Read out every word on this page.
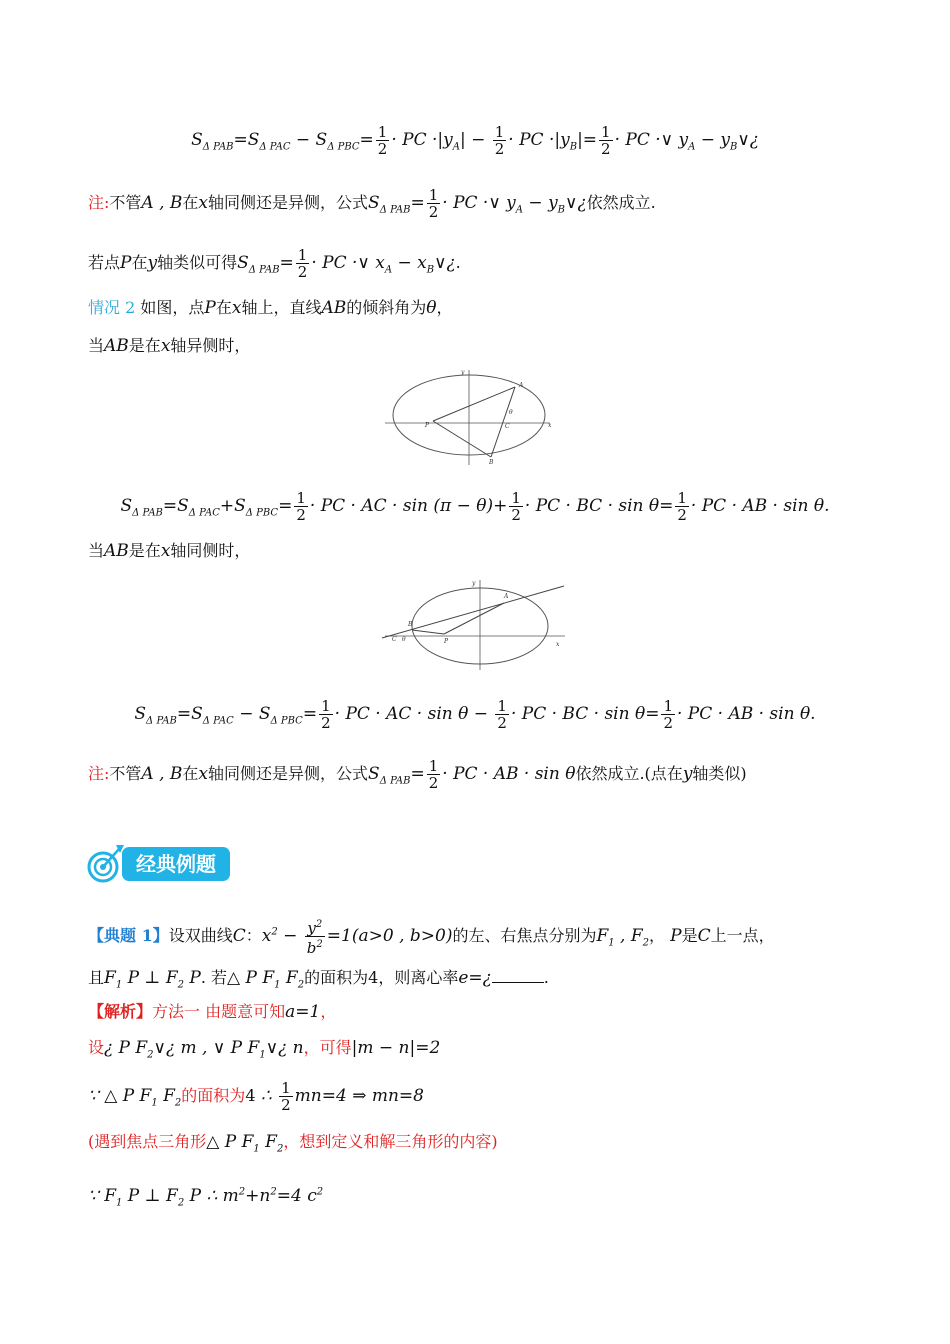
$S_{\Delta PAB}=S_{\Delta PAC} - S_{\Delta PBC}= \frac{1}{2}$ · PC $\cdot|y_A| - \frac{1}{2}$ · PC $\cdot|y_B|= \frac{1}{2}$ · PC ·∨ $y_A$ − $y_B\vee¿$
注:不管A , B在x轴同侧还是异侧，公式$S_{\Delta PAB}= \frac{1}{2}$ · PC ·∨ $y_A$ − $y_B\vee¿$依然成立.
若点P在y轴类似可得$S_{\Delta PAB}= \frac{1}{2}$ · PC ·∨ $x_A$ − $x_B\vee¿$.
情况 2 如图，点P在x轴上，直线AB的倾斜角为θ，
当AB是在x轴异侧时，
A
B
C
P
θ
x
y
$S_{\Delta PAB}=S_{\Delta PAC}+S_{\Delta PBC}= \frac{1}{2}$ · PC · AC · $\sin (\pi - \theta)+ \frac{1}{2}$ · PC · BC · $\sin \theta= \frac{1}{2}$ · PC · AB · sin θ.
当AB是在x轴同侧时，
A
B
C θ	P	x
y
$S_{\Delta PAB}=S_{\Delta PAC} - S_{\Delta PBC}= \frac{1}{2}$ · PC · AC · $\sin \theta - \frac{1}{2}$ · PC · BC · $\sin \theta= \frac{1}{2}$ · PC · AB · sin θ.
注:不管A , B在x轴同侧还是异侧，公式$S_{\Delta PAB}= \frac{1}{2}$ · PC · AB · sin θ依然成立.(点在y轴类似)
经典例题
【典题 1】设双曲线C：$x^2 - \frac{y^2}{b^2} =1(a>0$ , b>0)的左、右焦点分别为$F_1$ , $F_2$， P是C上一点，
且$F_1$ P ⊥ $F_2$ P. 若△ P $F_1$ $F_2$的面积为4，则离心率e=¿	.
【解析】方法一 由题意可知a=1，
设¿ P $F_2\vee¿$ m , ∨ P $F_1\vee¿$ n，可得|m − n|=2
∵ △ P $F_1$ $F_2$的面积为4 ∴ $\frac{1}{2} mn=4$ ⇒ mn=8
(遇到焦点三角形△ P $F_1$ $F_2$，想到定义和解三角形的内容)
∵ $F_1$ P ⊥ $F_2$ P ∴ $m^2+n^2=4$ $c^2$
